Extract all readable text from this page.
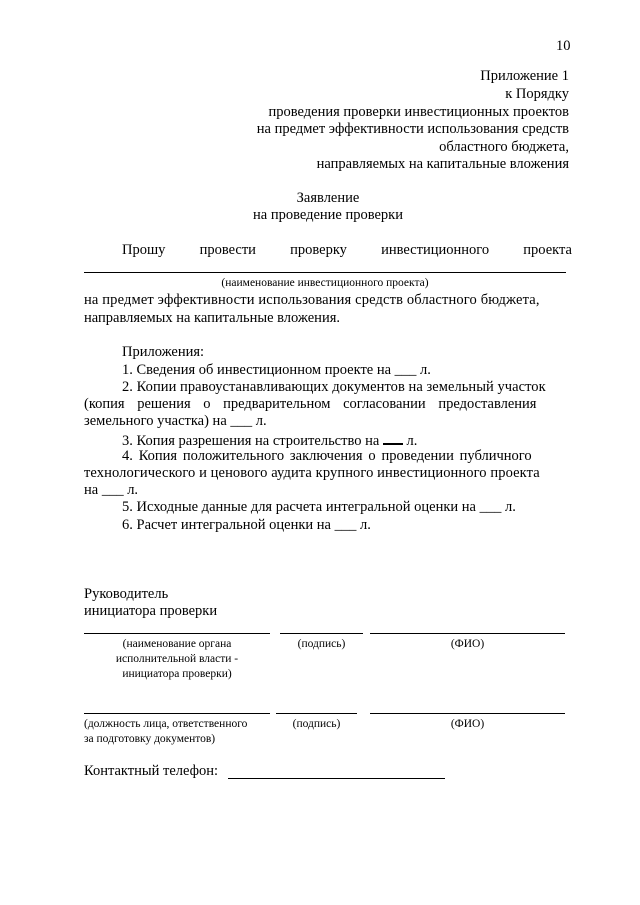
10
Приложение 1
к Порядку
проведения проверки инвестиционных проектов
на предмет эффективности использования средств
областного бюджета,
направляемых на капитальные вложения
Заявление
на проведение проверки
Прошу провести проверку инвестиционного проекта
(наименование инвестиционного проекта)
на предмет эффективности использования средств областного бюджета,
направляемых на капитальные вложения.
Приложения:
1. Сведения об инвестиционном проекте на ___ л.
2. Копии правоустанавливающих документов на земельный участок
(копия решения о предварительном согласовании предоставления
земельного участка) на ___ л.
3. Копия разрешения на строительство на л.
4. Копия положительного заключения о проведении публичного
технологического и ценового аудита крупного инвестиционного проекта
на ___ л.
5. Исходные данные для расчета интегральной оценки на ___ л.
6. Расчет интегральной оценки на ___ л.
Руководитель
инициатора проверки
(наименование органа
исполнительной власти -
инициатора проверки)
(подпись)	(ФИО)
(должность лица, ответственного
за подготовку документов)
(подпись)	(ФИО)
Контактный телефон:
